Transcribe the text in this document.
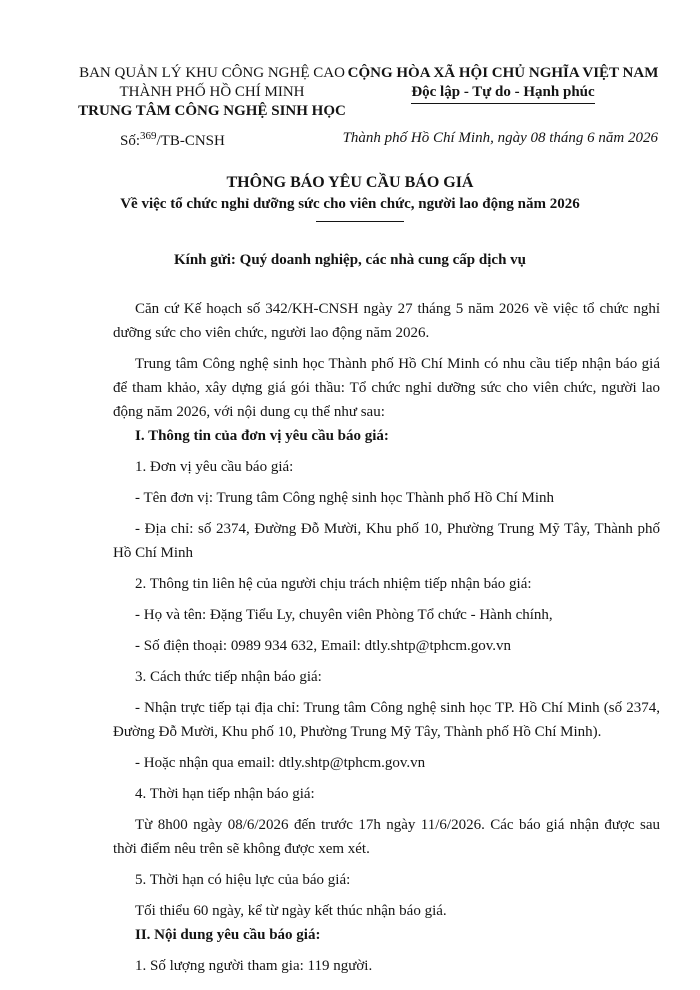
BAN QUẢN LÝ KHU CÔNG NGHỆ CAO
THÀNH PHỐ HỒ CHÍ MINH
TRUNG TÂM CÔNG NGHỆ SINH HỌC
CỘNG HÒA XÃ HỘI CHỦ NGHĨA VIỆT NAM
Độc lập - Tự do - Hạnh phúc
Số:$^{369}$/TB-CNSH	Thành phố Hồ Chí Minh, ngày 08 tháng 6 năm 2026
THÔNG BÁO YÊU CẦU BÁO GIÁ
Về việc tổ chức nghỉ dưỡng sức cho viên chức, người lao động năm 2026
Kính gửi: Quý doanh nghiệp, các nhà cung cấp dịch vụ

Căn cứ Kế hoạch số 342/KH-CNSH ngày 27 tháng 5 năm 2026 về việc tổ chức nghỉ dưỡng sức cho viên chức, người lao động năm 2026.

Trung tâm Công nghệ sinh học Thành phố Hồ Chí Minh có nhu cầu tiếp nhận báo giá để tham khảo, xây dựng giá gói thầu: Tổ chức nghỉ dưỡng sức cho viên chức, người lao động năm 2026, với nội dung cụ thể như sau:

I. Thông tin của đơn vị yêu cầu báo giá:

1. Đơn vị yêu cầu báo giá:

- Tên đơn vị: Trung tâm Công nghệ sinh học Thành phố Hồ Chí Minh

- Địa chỉ: số 2374, Đường Đỗ Mười, Khu phố 10, Phường Trung Mỹ Tây, Thành phố Hồ Chí Minh

2. Thông tin liên hệ của người chịu trách nhiệm tiếp nhận báo giá:

- Họ và tên: Đặng Tiểu Ly, chuyên viên Phòng Tổ chức - Hành chính,

- Số điện thoại: 0989 934 632, Email: dtly.shtp@tphcm.gov.vn

3. Cách thức tiếp nhận báo giá:

- Nhận trực tiếp tại địa chỉ: Trung tâm Công nghệ sinh học TP. Hồ Chí Minh (số 2374, Đường Đỗ Mười, Khu phố 10, Phường Trung Mỹ Tây, Thành phố Hồ Chí Minh).

- Hoặc nhận qua email: dtly.shtp@tphcm.gov.vn

4. Thời hạn tiếp nhận báo giá:

Từ 8h00 ngày 08/6/2026 đến trước 17h ngày 11/6/2026. Các báo giá nhận được sau thời điểm nêu trên sẽ không được xem xét.

5. Thời hạn có hiệu lực của báo giá:

Tối thiểu 60 ngày, kể từ ngày kết thúc nhận báo giá.

II. Nội dung yêu cầu báo giá:

1. Số lượng người tham gia: 119 người.
